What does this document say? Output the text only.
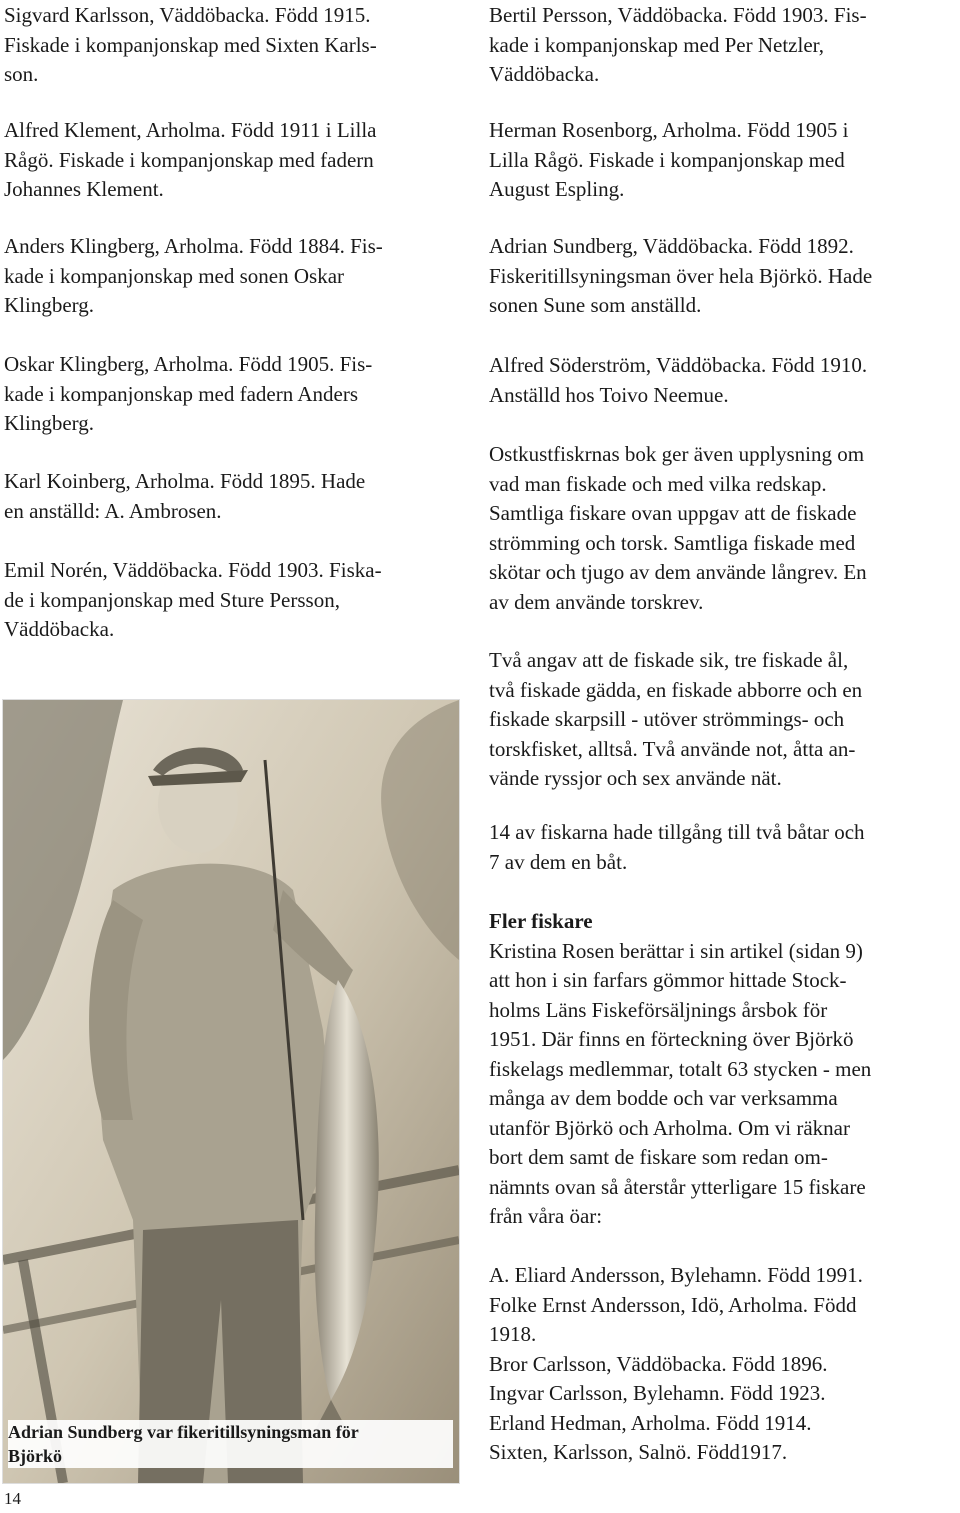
Sigvard Karlsson, Väddöbacka. Född 1915.
Fiskade i kompanjonskap med Sixten Karls-
son.

Alfred Klement, Arholma. Född 1911 i Lilla
Rågö. Fiskade i kompanjonskap med fadern
Johannes Klement.

Anders Klingberg, Arholma. Född 1884. Fis-
kade i kompanjonskap med sonen Oskar
Klingberg.

Oskar Klingberg, Arholma. Född 1905. Fis-
kade i kompanjonskap med fadern Anders
Klingberg.

Karl Koinberg, Arholma. Född 1895. Hade
en anställd: A. Ambrosen.

Emil Norén, Väddöbacka. Född 1903. Fiska-
de i kompanjonskap med Sture Persson,
Väddöbacka.

Adrian Sundberg var fikeritillsyningsman för
Björkö

Bertil Persson, Väddöbacka. Född 1903. Fis-
kade i kompanjonskap med Per Netzler,
Väddöbacka.

Herman Rosenborg, Arholma. Född 1905 i
Lilla Rågö. Fiskade i kompanjonskap med
August Espling.

Adrian Sundberg, Väddöbacka. Född 1892.
Fiskeritillsyningsman över hela Björkö. Hade
sonen Sune som anställd.

Alfred Söderström, Väddöbacka. Född 1910.
Anställd hos Toivo Neemue.

Ostkustfiskrnas bok ger även upplysning om
vad man fiskade och med vilka redskap.
Samtliga fiskare ovan uppgav att de fiskade
strömming och torsk. Samtliga fiskade med
skötar och tjugo av dem använde långrev. En
av dem använde torskrev.

Två angav att de fiskade sik, tre fiskade ål,
två fiskade gädda, en fiskade abborre och en
fiskade skarpsill - utöver strömmings- och
torskfisket, alltså. Två använde not, åtta an-
vände ryssjor och sex använde nät.

14 av fiskarna hade tillgång till två båtar och
7 av dem en båt.

Fler fiskare
Kristina Rosen berättar i sin artikel (sidan 9)
att hon i sin farfars gömmor hittade Stock-
holms Läns Fiskeförsäljnings årsbok för
1951. Där finns en förteckning över Björkö
fiskelags medlemmar, totalt 63 stycken - men
många av dem bodde och var verksamma
utanför Björkö och Arholma. Om vi räknar
bort dem samt de fiskare som redan om-
nämnts ovan så återstår ytterligare 15 fiskare
från våra öar:
A. Eliard Andersson, Bylehamn. Född 1991.
Folke Ernst Andersson, Idö, Arholma. Född
1918.
Bror Carlsson, Väddöbacka. Född 1896.
Ingvar Carlsson, Bylehamn. Född 1923.
Erland Hedman, Arholma. Född 1914.
Sixten, Karlsson, Salnö. Född1917.
14
